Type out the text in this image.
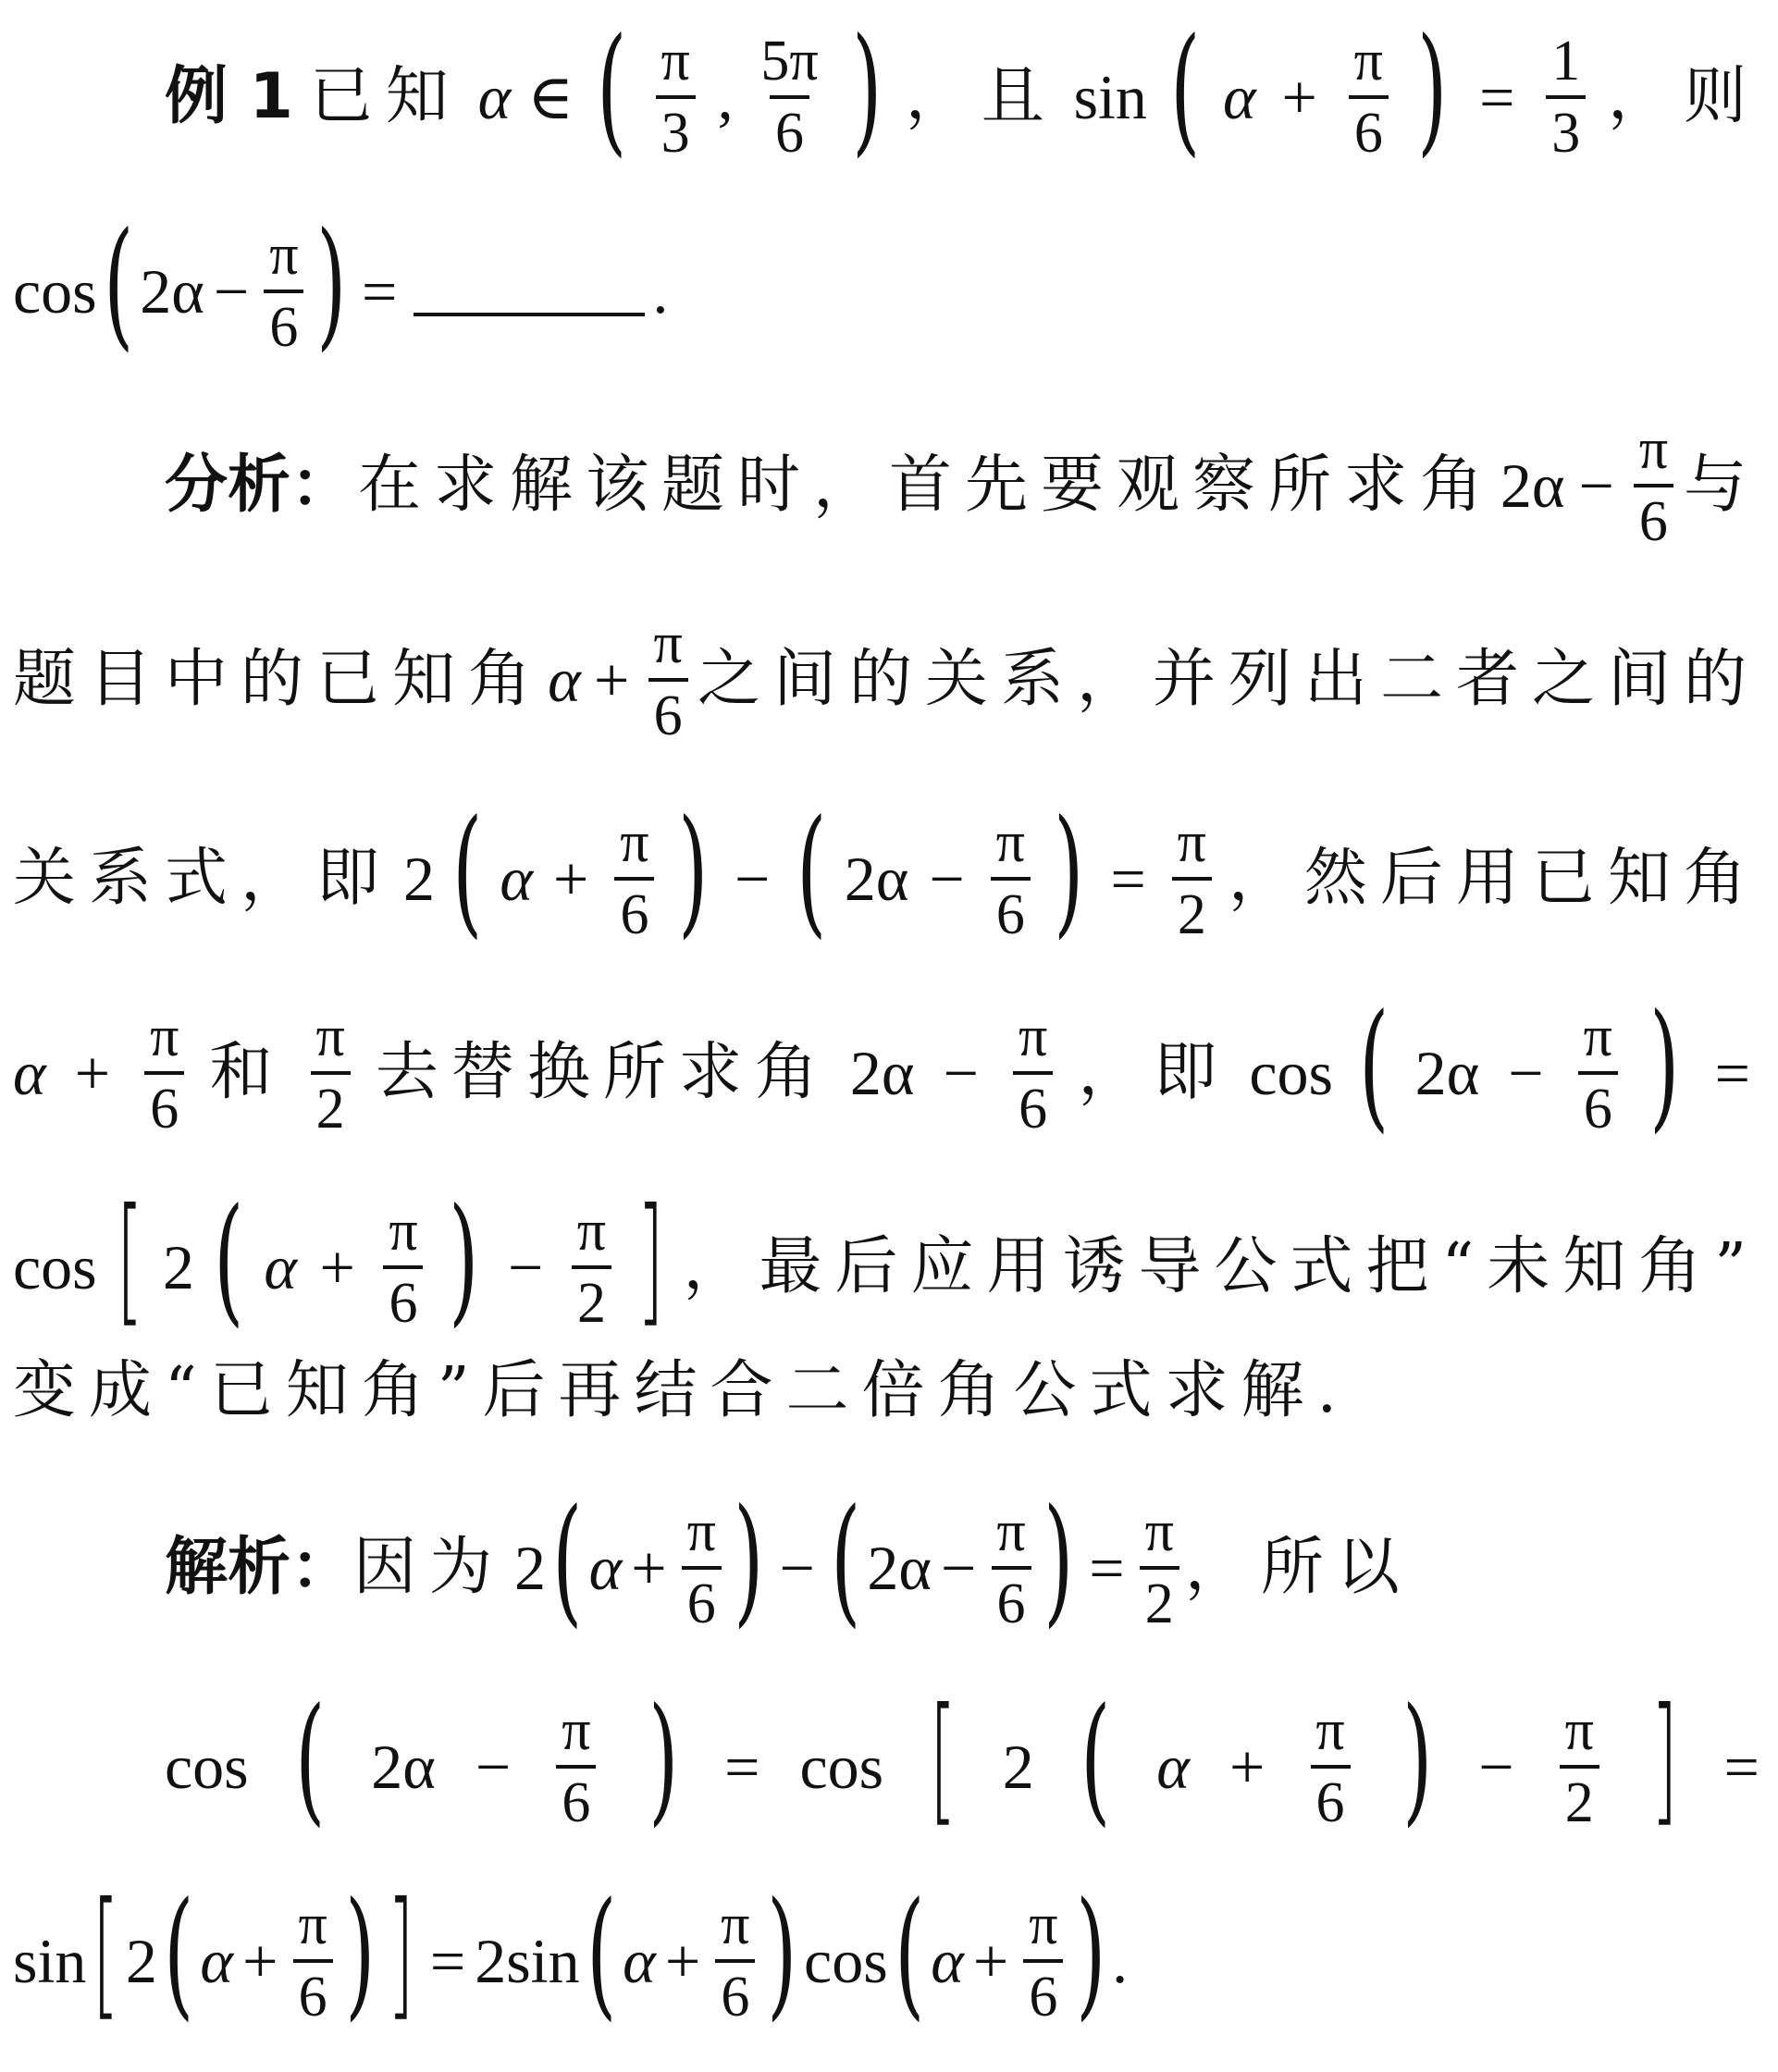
例 1 已知 α ∈ ( $\frac{\pi}{3}$ , $\frac{5\pi}{6}$ ) ，且 sin ( $\alpha + \frac{\pi}{6}$ ) = $\frac{1}{3}$ ，则
cos ( $2\alpha - \frac{\pi}{6}$ ) =	.
分析： 在求解该题时，首先要观察所求角 $2\alpha - \frac{\pi}{6}$ 与
题目中的已知角 $\alpha + \frac{\pi}{6}$ 之间的关系，并列出二者之间的
关系式，即 2 ( $\alpha + \frac{\pi}{6}$ ) − ( $2\alpha - \frac{\pi}{6}$ ) = $\frac{\pi}{2}$ ，然后用已知角
$\alpha + \frac{\pi}{6}$ 和 $\frac{\pi}{2}$ 去替换所求角 $2\alpha - \frac{\pi}{6}$ ，即 cos ( $2\alpha - \frac{\pi}{6}$ ) =
cos [ 2 ( $\alpha + \frac{\pi}{6}$ ) − $\frac{\pi}{2}$ ] ，最后应用诱导公式把“未知角”
变成“已知角”后再结合二倍角公式求解.
解析： 因为 2 ( $\alpha + \frac{\pi}{6}$ ) − ( $2\alpha - \frac{\pi}{6}$ ) = $\frac{\pi}{2}$ ，所以
cos ( $2\alpha - \frac{\pi}{6}$ ) = cos [ 2 ( $\alpha + \frac{\pi}{6}$ ) − $\frac{\pi}{2}$ ] =
sin [ 2 ( $\alpha + \frac{\pi}{6}$ ) ] = 2 sin ( $\alpha + \frac{\pi}{6}$ ) cos ( $\alpha + \frac{\pi}{6}$ ) .
